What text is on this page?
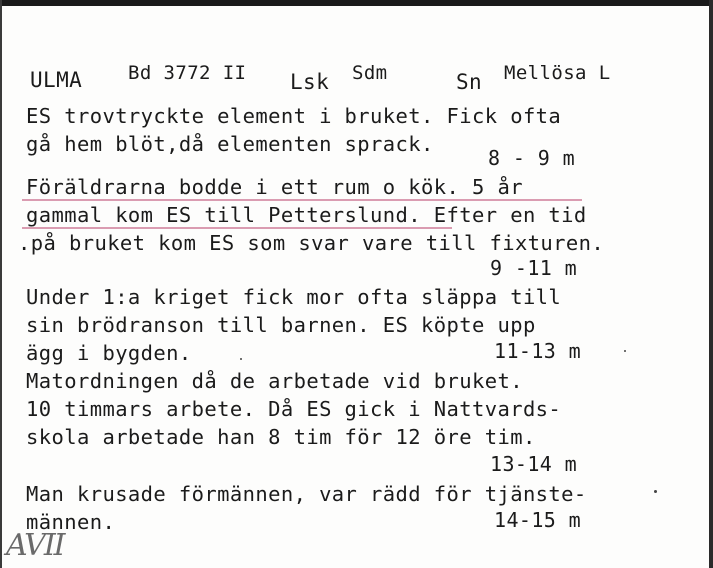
ULMA Bd 3772 II Lsk Sdm	Sn Mellösa L
ES trovtryckte element i bruket. Fick ofta
gå hem blöt,då elementen sprack.
8 - 9 m
Föräldrarna bodde i ett rum o kök. 5 år
gammal kom ES till Petterslund. Efter en tid
.på bruket kom ES som svar vare till fixturen.
9 -11 m
Under 1:a kriget fick mor ofta släppa till
sin brödranson till barnen. ES köpte upp
ägg i bygden.	11-13 m
Matordningen då de arbetade vid bruket.
10 timmars arbete. Då ES gick i Nattvards-
skola arbetade han 8 tim för 12 öre tim.
13-14 m
Man krusade förmännen, var rädd för tjänste-
männen.	14-15 m
AVII
